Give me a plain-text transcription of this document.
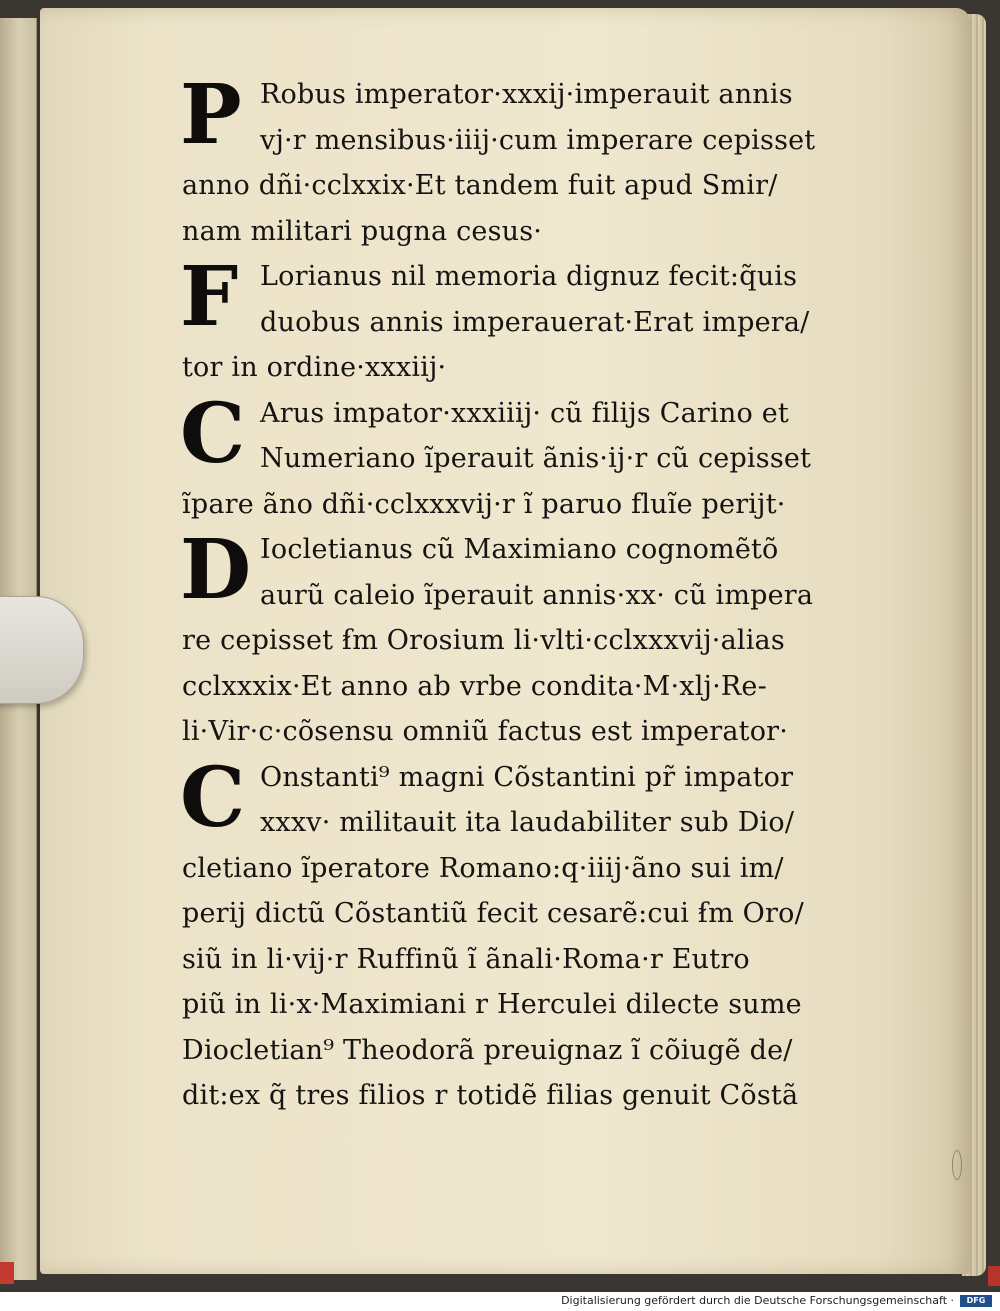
P Robus imperator·xxxij·imperauit annis
vj·r mensibus·iiij·cum imperare cepisset
anno dñi·cclxxix·Et tandem fuit apud Smir/
nam militari pugna cesus·
F Lorianus nil memoria dignuz fecit:q̃uis
duobus annis imperauerat·Erat impera/
tor in ordine·xxxiij·
C Arus impator·xxxiiij· cũ filijs Carino et
Numeriano ĩperauit ãnis·ij·r cũ cepisset
ĩpare ãno dñi·cclxxxvij·r ĩ paruo fluĩe perijt·
D Iocletianus cũ Maximiano cognomẽtõ
aurũ caleio ĩperauit annis·xx· cũ impera
re cepisset ẜm Orosium li·vlti·cclxxxvij·alias
cclxxxix·Et anno ab vrbe condita·M·xlj·Re-
li·Vir·c·cõsensu omniũ factus est imperator·
C Onstanti⁹ magni Cõstantini pr̃ impator
xxxv· militauit ita laudabiliter sub Dio/
cletiano ĩperatore Romano:q·iiij·ãno sui im/
perij dictũ Cõstantiũ fecit cesarẽ:cui ẜm Oro/
siũ in li·vij·r Ruffinũ ĩ ãnali·Roma·r Eutro
piũ in li·x·Maximiani r Herculei dilecte sume
Diocletian⁹ Theodorã preuignaz ĩ cõiugẽ de/
dit:ex q̃ tres filios r totidẽ filias genuit Cõstã
Digitalisierung gefördert durch die Deutsche Forschungsgemeinschaft ·	DFG
